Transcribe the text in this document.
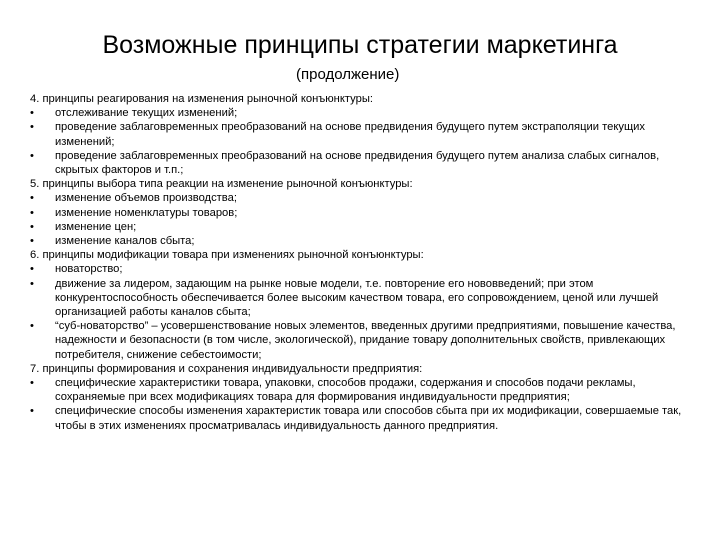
Возможные принципы стратегии маркетинга
(продолжение)

4. принципы реагирования на изменения рыночной конъюнктуры:

• отслеживание текущих изменений;

• проведение заблаговременных преобразований на основе предвидения будущего путем экстраполяции текущих изменений;

• проведение заблаговременных преобразований на основе предвидения будущего путем анализа слабых сигналов, скрытых факторов и т.п.;

5. принципы выбора типа реакции на изменение рыночной конъюнктуры:

• изменение объемов производства;

• изменение номенклатуры товаров;

• изменение цен;

• изменение каналов сбыта;

6. принципы модификации товара при изменениях рыночной конъюнктуры:

• новаторство;

• движение за лидером, задающим на рынке новые модели, т.е. повторение его нововведений; при этом конкурентоспособность обеспечивается более высоким качеством товара, его сопровождением, ценой или лучшей организацией работы каналов сбыта;

• “суб-новаторство” – усовершенствование новых элементов, введенных другими предприятиями, повышение качества, надежности и безопасности (в том числе, экологической), придание товару дополнительных свойств, привлекающих потребителя, снижение себестоимости;

7. принципы формирования и сохранения индивидуальности предприятия:

• специфические характеристики товара, упаковки, способов продажи, содержания и способов подачи рекламы, сохраняемые при всех модификациях товара для формирования индивидуальности предприятия;

• специфические способы изменения характеристик товара или способов сбыта при их модификации, совершаемые так, чтобы в этих изменениях просматривалась индивидуальность данного предприятия.
